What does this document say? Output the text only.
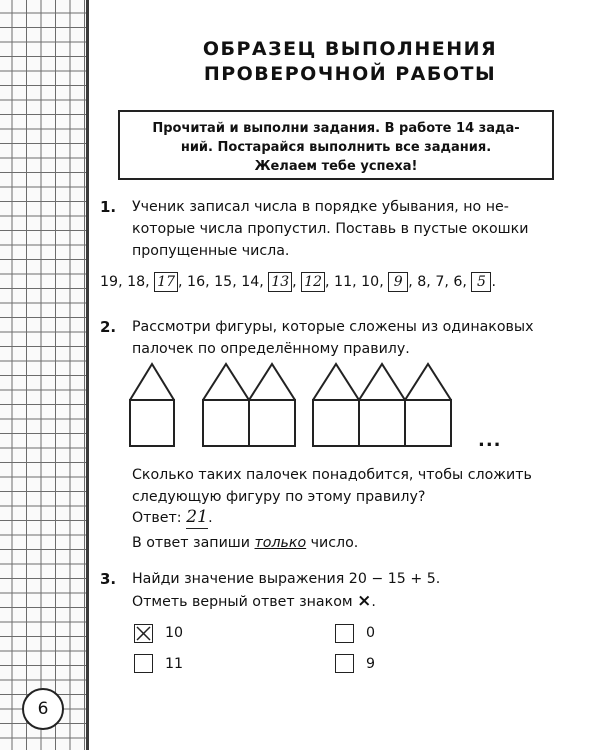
6
ОБРАЗЕЦ ВЫПОЛНЕНИЯ
ПРОВЕРОЧНОЙ РАБОТЫ
Прочитай и выполни задания. В работе 14 зада-
ний. Постарайся выполнить все задания.
Желаем тебе успеха!
1. Ученик записал числа в порядке убывания, но не-
которые числа пропустил. Поставь в пустые окошки
пропущенные числа.
19, 18, 17 , 16, 15, 14, 13 , 12 , 11, 10, 9 , 8, 7, 6, 5 .
2. Рассмотри фигуры, которые сложены из одинаковых
палочек по определённому правилу.
...
Сколько таких палочек понадобится, чтобы сложить
следующую фигуру по этому правилу?
Ответ: 21.
В ответ запиши только число.
3. Найди значение выражения 20 − 15 + 5.
Отметь верный ответ знаком ×.
10	0
11	9
